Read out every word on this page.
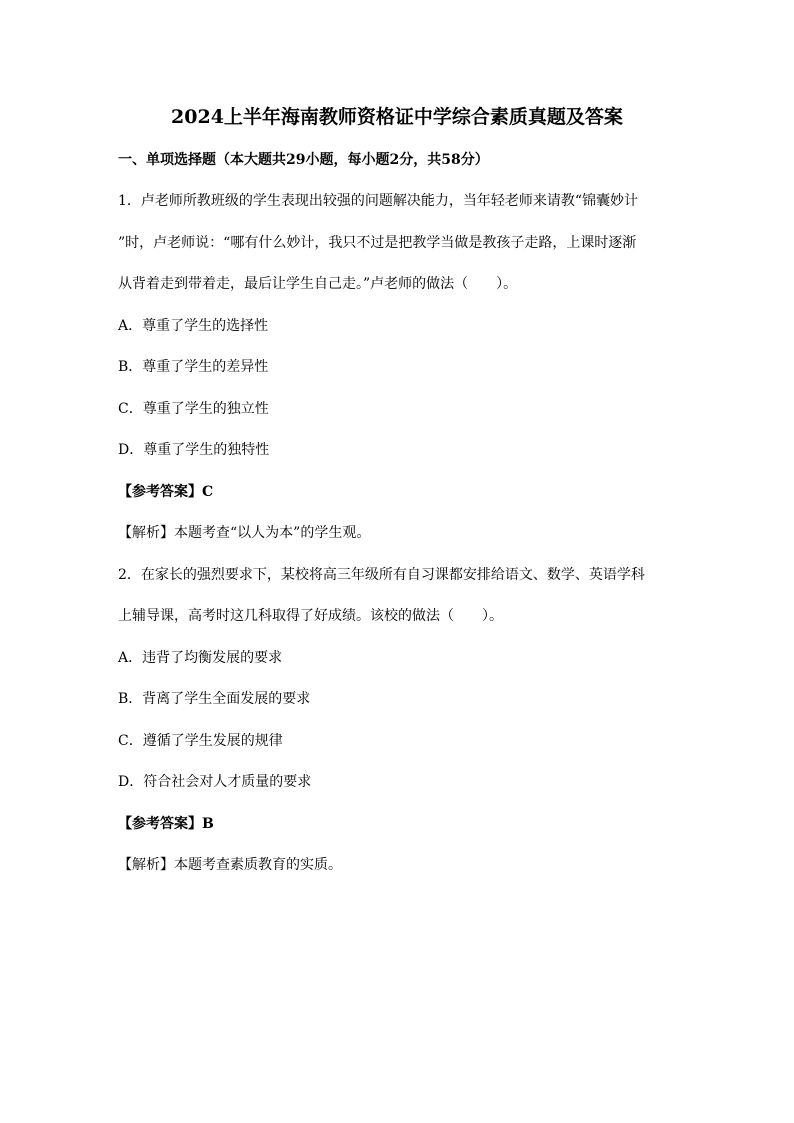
2024上半年海南教师资格证中学综合素质真题及答案
一、单项选择题（本大题共29小题，每小题2分，共58分）
1．卢老师所教班级的学生表现出较强的问题解决能力，当年轻老师来请教“锦囊妙计
”时，卢老师说：“哪有什么妙计，我只不过是把教学当做是教孩子走路，上课时逐渐
从背着走到带着走，最后让学生自己走。”卢老师的做法（　　）。
A．尊重了学生的选择性
B．尊重了学生的差异性
C．尊重了学生的独立性
D．尊重了学生的独特性
【参考答案】C
【解析】本题考查“以人为本”的学生观。
2．在家长的强烈要求下，某校将高三年级所有自习课都安排给语文、数学、英语学科
上辅导课，高考时这几科取得了好成绩。该校的做法（　　）。
A．违背了均衡发展的要求
B．背离了学生全面发展的要求
C．遵循了学生发展的规律
D．符合社会对人才质量的要求
【参考答案】B
【解析】本题考查素质教育的实质。
